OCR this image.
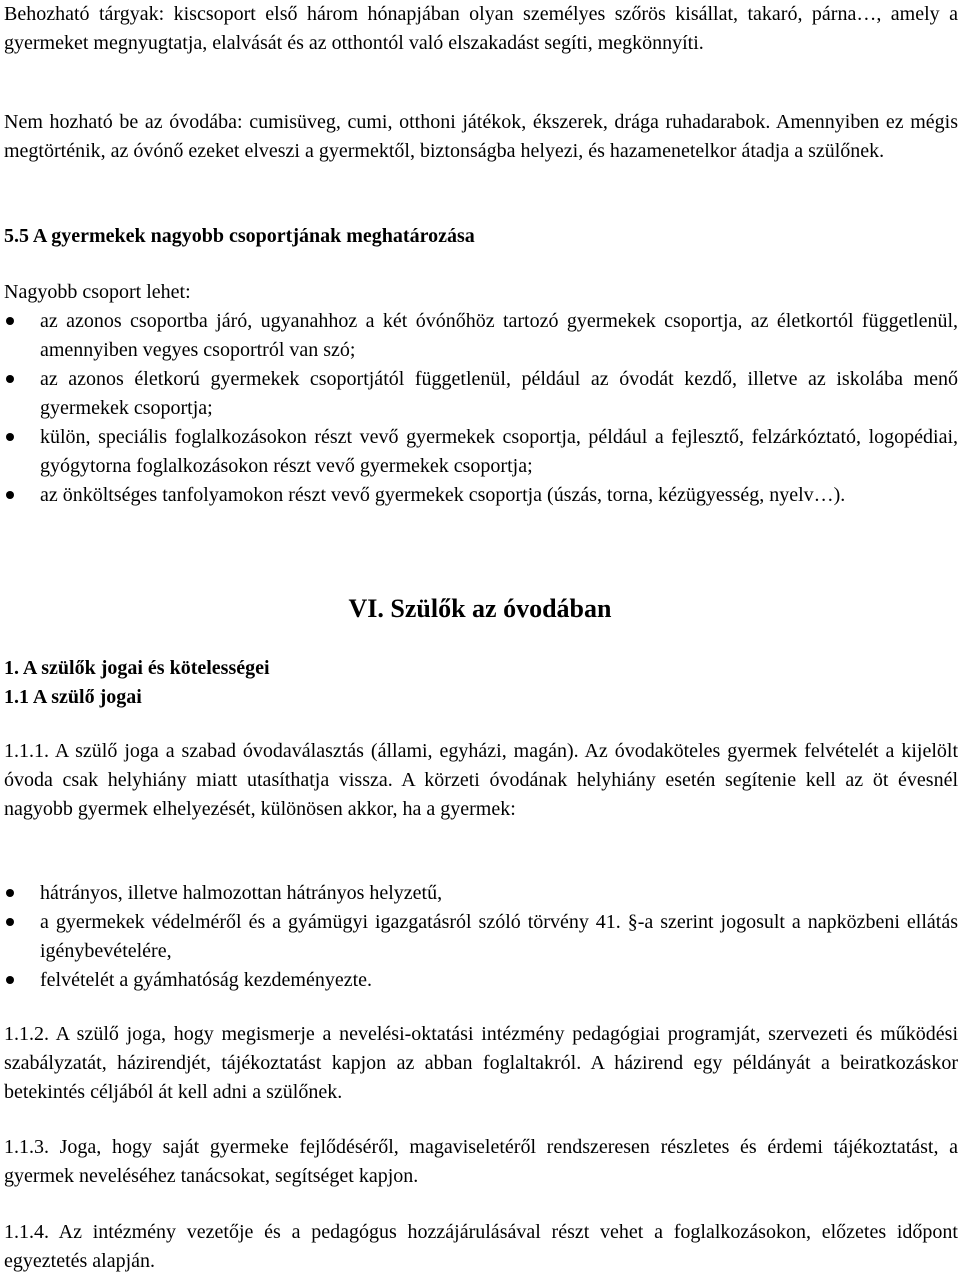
Behozható tárgyak: kiscsoport első három hónapjában olyan személyes szőrös kisállat, takaró, párna…, amely a gyermeket megnyugtatja, elalvását és az otthontól való elszakadást segíti, megkönnyíti.

Nem hozható be az óvodába: cumisüveg, cumi, otthoni játékok, ékszerek, drága ruhadarabok. Amennyiben ez mégis megtörténik, az óvónő ezeket elveszi a gyermektől, biztonságba helyezi, és hazamenetelkor átadja a szülőnek.

5.5 A gyermekek nagyobb csoportjának meghatározása

Nagyobb csoport lehet:

az azonos csoportba járó, ugyanahhoz a két óvónőhöz tartozó gyermekek csoportja, az életkortól függetlenül, amennyiben vegyes csoportról van szó;
az azonos életkorú gyermekek csoportjától függetlenül, például az óvodát kezdő, illetve az iskolába menő gyermekek csoportja;
külön, speciális foglalkozásokon részt vevő gyermekek csoportja, például a fejlesztő, felzárkóztató, logopédiai, gyógytorna foglalkozásokon részt vevő gyermekek csoportja;
az önköltséges tanfolyamokon részt vevő gyermekek csoportja (úszás, torna, kézügyesség, nyelv…).
VI. Szülők az óvodában

1. A szülők jogai és kötelességei

1.1 A szülő jogai

1.1.1. A szülő joga a szabad óvodaválasztás (állami, egyházi, magán). Az óvodaköteles gyermek felvételét a kijelölt óvoda csak helyhiány miatt utasíthatja vissza. A körzeti óvodának helyhiány esetén segítenie kell az öt évesnél nagyobb gyermek elhelyezését, különösen akkor, ha a gyermek:

hátrányos, illetve halmozottan hátrányos helyzetű,
a gyermekek védelméről és a gyámügyi igazgatásról szóló törvény 41. §-a szerint jogosult a napközbeni ellátás igénybevételére,
felvételét a gyámhatóság kezdeményezte.

1.1.2. A szülő joga, hogy megismerje a nevelési-oktatási intézmény pedagógiai programját, szervezeti és működési szabályzatát, házirendjét, tájékoztatást kapjon az abban foglaltakról. A házirend egy példányát a beiratkozáskor betekintés céljából át kell adni a szülőnek.

1.1.3. Joga, hogy saját gyermeke fejlődéséről, magaviseletéről rendszeresen részletes és érdemi tájékoztatást, a gyermek neveléséhez tanácsokat, segítséget kapjon.

1.1.4. Az intézmény vezetője és a pedagógus hozzájárulásával részt vehet a foglalkozásokon, előzetes időpont egyeztetés alapján.
